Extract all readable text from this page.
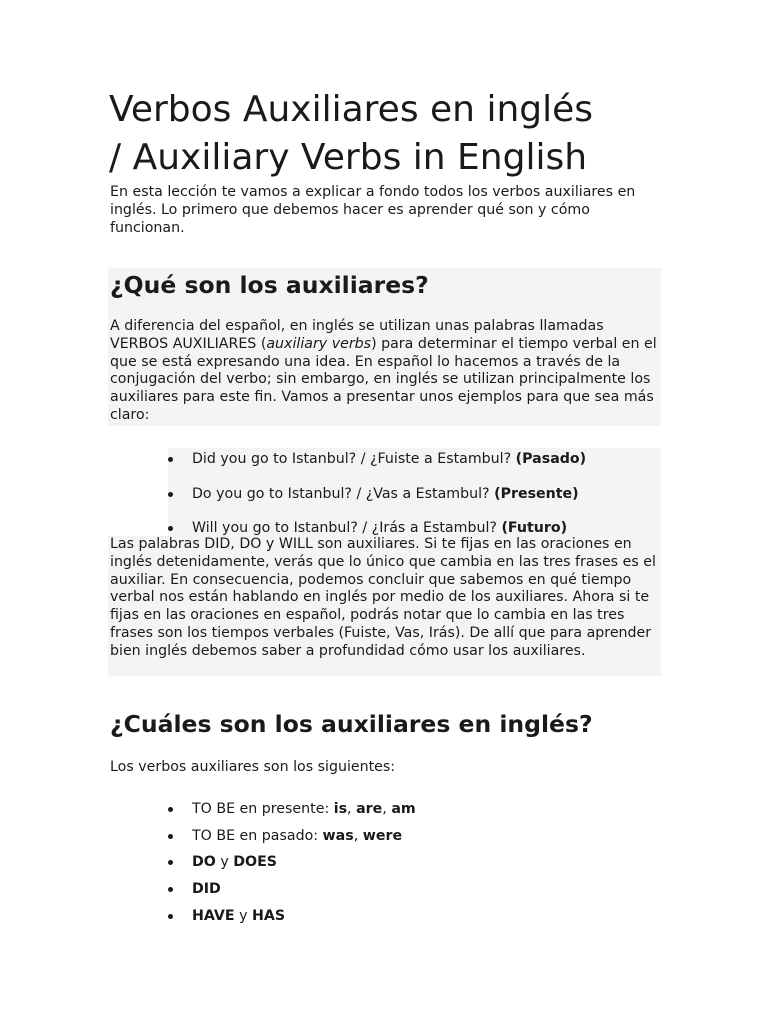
Verbos Auxiliares en inglés
/ Auxiliary Verbs in English

En esta lección te vamos a explicar a fondo todos los verbos auxiliares en inglés. Lo primero que debemos hacer es aprender qué son y cómo funcionan.

¿Qué son los auxiliares?

A diferencia del español, en inglés se utilizan unas palabras llamadas VERBOS AUXILIARES (auxiliary verbs) para determinar el tiempo verbal en el que se está expresando una idea. En español lo hacemos a través de la conjugación del verbo; sin embargo, en inglés se utilizan principalmente los auxiliares para este fin. Vamos a presentar unos ejemplos para que sea más claro:

Did you go to Istanbul? / ¿Fuiste a Estambul? (Pasado)
Do you go to Istanbul? / ¿Vas a Estambul? (Presente)
Will you go to Istanbul? / ¿Irás a Estambul? (Futuro)

Las palabras DID, DO y WILL son auxiliares. Si te fijas en las oraciones en inglés detenidamente, verás que lo único que cambia en las tres frases es el auxiliar. En consecuencia, podemos concluir que sabemos en qué tiempo verbal nos están hablando en inglés por medio de los auxiliares. Ahora si te fijas en las oraciones en español, podrás notar que lo cambia en las tres frases son los tiempos verbales (Fuiste, Vas, Irás). De allí que para aprender bien inglés debemos saber a profundidad cómo usar los auxiliares.

¿Cuáles son los auxiliares en inglés?

Los verbos auxiliares son los siguientes:

TO BE en presente: is, are, am
TO BE en pasado: was, were
DO y DOES
DID
HAVE y HAS
